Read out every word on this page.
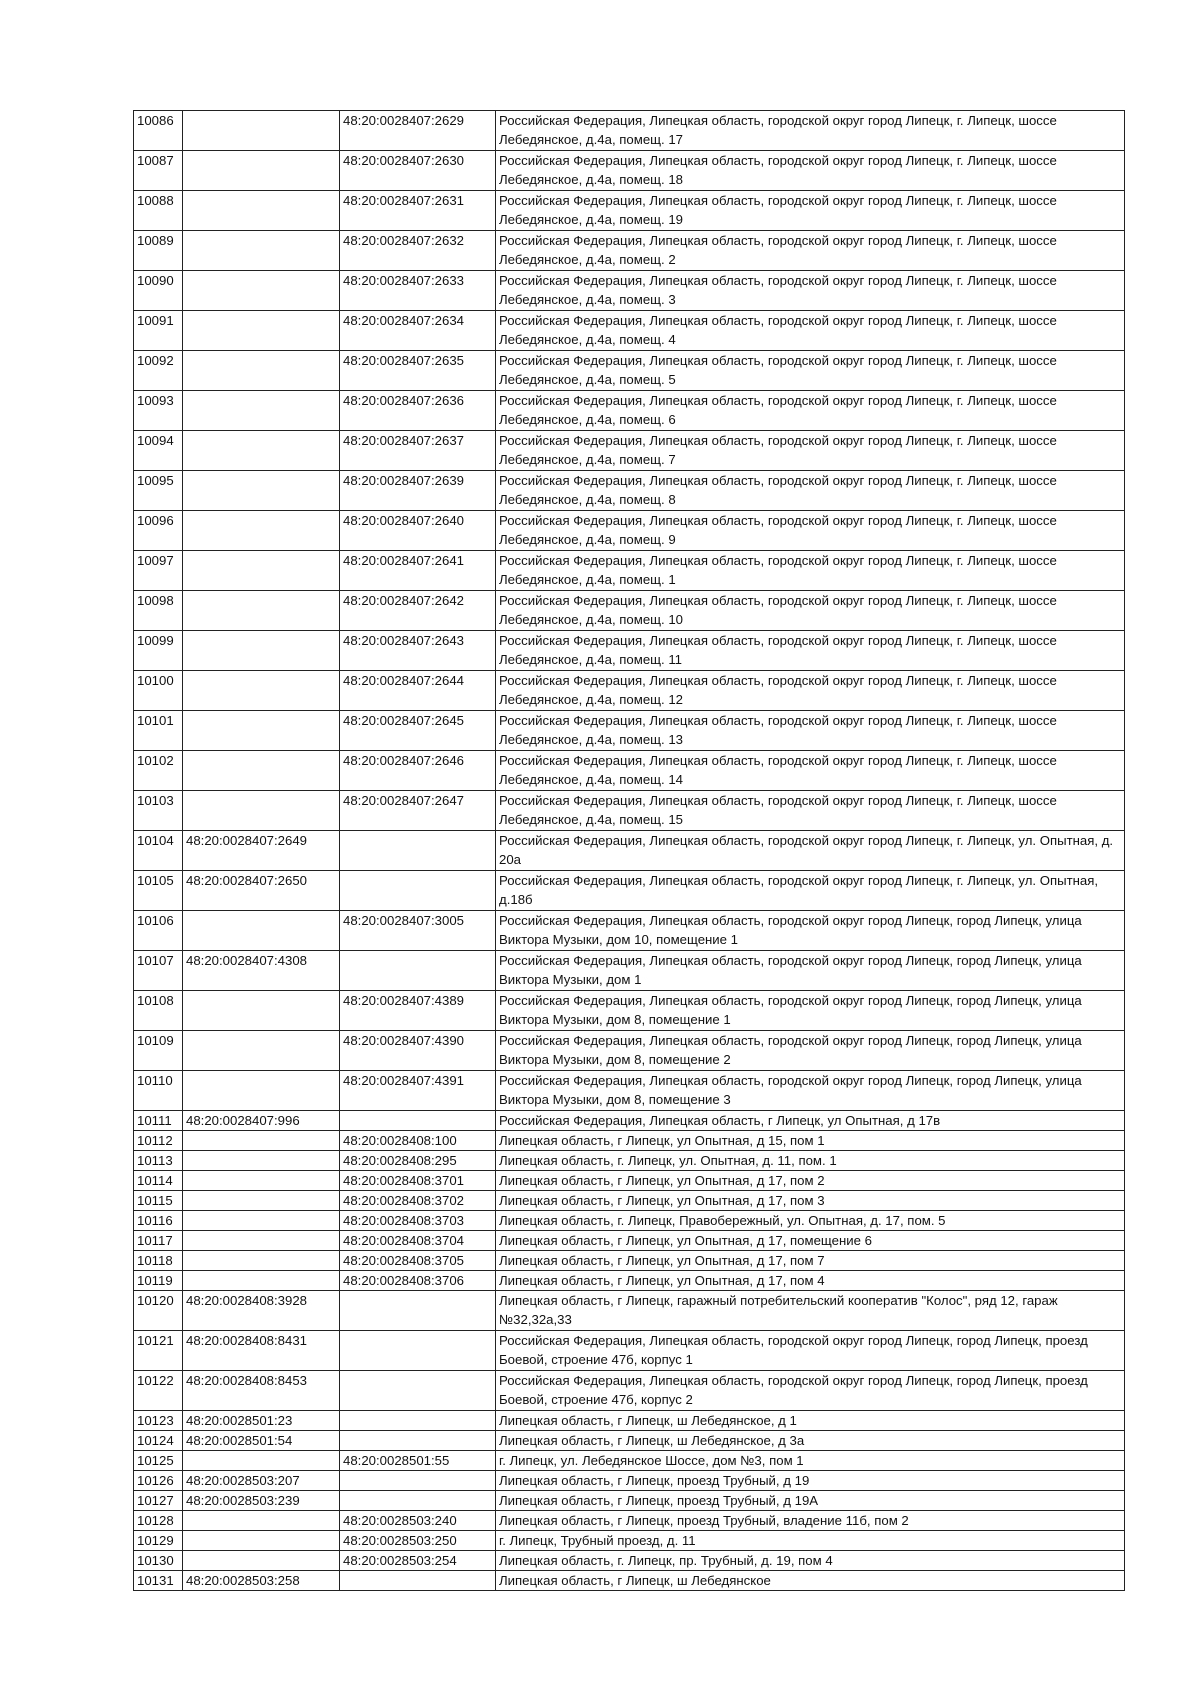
10086		48:20:0028407:2629	Российская Федерация, Липецкая область, городской округ город Липецк, г. Липецк, шоссе Лебедянское, д.4а, помещ. 17
10087		48:20:0028407:2630	Российская Федерация, Липецкая область, городской округ город Липецк, г. Липецк, шоссе Лебедянское, д.4а, помещ. 18
10088		48:20:0028407:2631	Российская Федерация, Липецкая область, городской округ город Липецк, г. Липецк, шоссе Лебедянское, д.4а, помещ. 19
10089		48:20:0028407:2632	Российская Федерация, Липецкая область, городской округ город Липецк, г. Липецк, шоссе Лебедянское, д.4а, помещ. 2
10090		48:20:0028407:2633	Российская Федерация, Липецкая область, городской округ город Липецк, г. Липецк, шоссе Лебедянское, д.4а, помещ. 3
10091		48:20:0028407:2634	Российская Федерация, Липецкая область, городской округ город Липецк, г. Липецк, шоссе Лебедянское, д.4а, помещ. 4
10092		48:20:0028407:2635	Российская Федерация, Липецкая область, городской округ город Липецк, г. Липецк, шоссе Лебедянское, д.4а, помещ. 5
10093		48:20:0028407:2636	Российская Федерация, Липецкая область, городской округ город Липецк, г. Липецк, шоссе Лебедянское, д.4а, помещ. 6
10094		48:20:0028407:2637	Российская Федерация, Липецкая область, городской округ город Липецк, г. Липецк, шоссе Лебедянское, д.4а, помещ. 7
10095		48:20:0028407:2639	Российская Федерация, Липецкая область, городской округ город Липецк, г. Липецк, шоссе Лебедянское, д.4а, помещ. 8
10096		48:20:0028407:2640	Российская Федерация, Липецкая область, городской округ город Липецк, г. Липецк, шоссе Лебедянское, д.4а, помещ. 9
10097		48:20:0028407:2641	Российская Федерация, Липецкая область, городской округ город Липецк, г. Липецк, шоссе Лебедянское, д.4а, помещ. 1
10098		48:20:0028407:2642	Российская Федерация, Липецкая область, городской округ город Липецк, г. Липецк, шоссе Лебедянское, д.4а, помещ. 10
10099		48:20:0028407:2643	Российская Федерация, Липецкая область, городской округ город Липецк, г. Липецк, шоссе Лебедянское, д.4а, помещ. 11
10100		48:20:0028407:2644	Российская Федерация, Липецкая область, городской округ город Липецк, г. Липецк, шоссе Лебедянское, д.4а, помещ. 12
10101		48:20:0028407:2645	Российская Федерация, Липецкая область, городской округ город Липецк, г. Липецк, шоссе Лебедянское, д.4а, помещ. 13
10102		48:20:0028407:2646	Российская Федерация, Липецкая область, городской округ город Липецк, г. Липецк, шоссе Лебедянское, д.4а, помещ. 14
10103		48:20:0028407:2647	Российская Федерация, Липецкая область, городской округ город Липецк, г. Липецк, шоссе Лебедянское, д.4а, помещ. 15
10104	48:20:0028407:2649		Российская Федерация, Липецкая область, городской округ город Липецк, г. Липецк, ул. Опытная, д. 20а
10105	48:20:0028407:2650		Российская Федерация, Липецкая область, городской округ город Липецк, г. Липецк, ул. Опытная, д.18б
10106		48:20:0028407:3005	Российская Федерация, Липецкая область, городской округ город Липецк, город Липецк, улица Виктора Музыки, дом 10, помещение 1
10107	48:20:0028407:4308		Российская Федерация, Липецкая область, городской округ город Липецк, город Липецк, улица Виктора Музыки, дом 1
10108		48:20:0028407:4389	Российская Федерация, Липецкая область, городской округ город Липецк, город Липецк, улица Виктора Музыки, дом 8, помещение 1
10109		48:20:0028407:4390	Российская Федерация, Липецкая область, городской округ город Липецк, город Липецк, улица Виктора Музыки, дом 8, помещение 2
10110		48:20:0028407:4391	Российская Федерация, Липецкая область, городской округ город Липецк, город Липецк, улица Виктора Музыки, дом 8, помещение 3
10111	48:20:0028407:996		Российская Федерация, Липецкая область, г Липецк, ул Опытная, д 17в
10112		48:20:0028408:100	Липецкая область, г Липецк, ул Опытная, д 15, пом 1
10113		48:20:0028408:295	Липецкая область, г. Липецк, ул. Опытная, д. 11, пом. 1
10114		48:20:0028408:3701	Липецкая область, г Липецк, ул Опытная, д 17, пом 2
10115		48:20:0028408:3702	Липецкая область, г Липецк, ул Опытная, д 17, пом 3
10116		48:20:0028408:3703	Липецкая область, г. Липецк, Правобережный, ул. Опытная, д. 17, пом. 5
10117		48:20:0028408:3704	Липецкая область, г Липецк, ул Опытная, д 17, помещение 6
10118		48:20:0028408:3705	Липецкая область, г Липецк, ул Опытная, д 17, пом 7
10119		48:20:0028408:3706	Липецкая область, г Липецк, ул Опытная, д 17, пом 4
10120	48:20:0028408:3928		Липецкая область, г Липецк, гаражный потребительский кооператив "Колос", ряд 12, гараж №32,32а,33
10121	48:20:0028408:8431		Российская Федерация, Липецкая область, городской округ город Липецк, город Липецк, проезд Боевой, строение 47б, корпус 1
10122	48:20:0028408:8453		Российская Федерация, Липецкая область, городской округ город Липецк, город Липецк, проезд Боевой, строение 47б, корпус 2
10123	48:20:0028501:23		Липецкая область, г Липецк, ш Лебедянское, д 1
10124	48:20:0028501:54		Липецкая область, г Липецк, ш Лебедянское, д 3а
10125		48:20:0028501:55	г. Липецк, ул. Лебедянское Шоссе, дом №3, пом 1
10126	48:20:0028503:207		Липецкая область, г Липецк, проезд Трубный, д 19
10127	48:20:0028503:239		Липецкая область, г Липецк, проезд Трубный, д 19А
10128		48:20:0028503:240	Липецкая область, г Липецк, проезд Трубный, владение 11б, пом 2
10129		48:20:0028503:250	г. Липецк, Трубный проезд, д. 11
10130		48:20:0028503:254	Липецкая область, г. Липецк, пр. Трубный, д. 19, пом 4
10131	48:20:0028503:258		Липецкая область, г Липецк, ш Лебедянское
